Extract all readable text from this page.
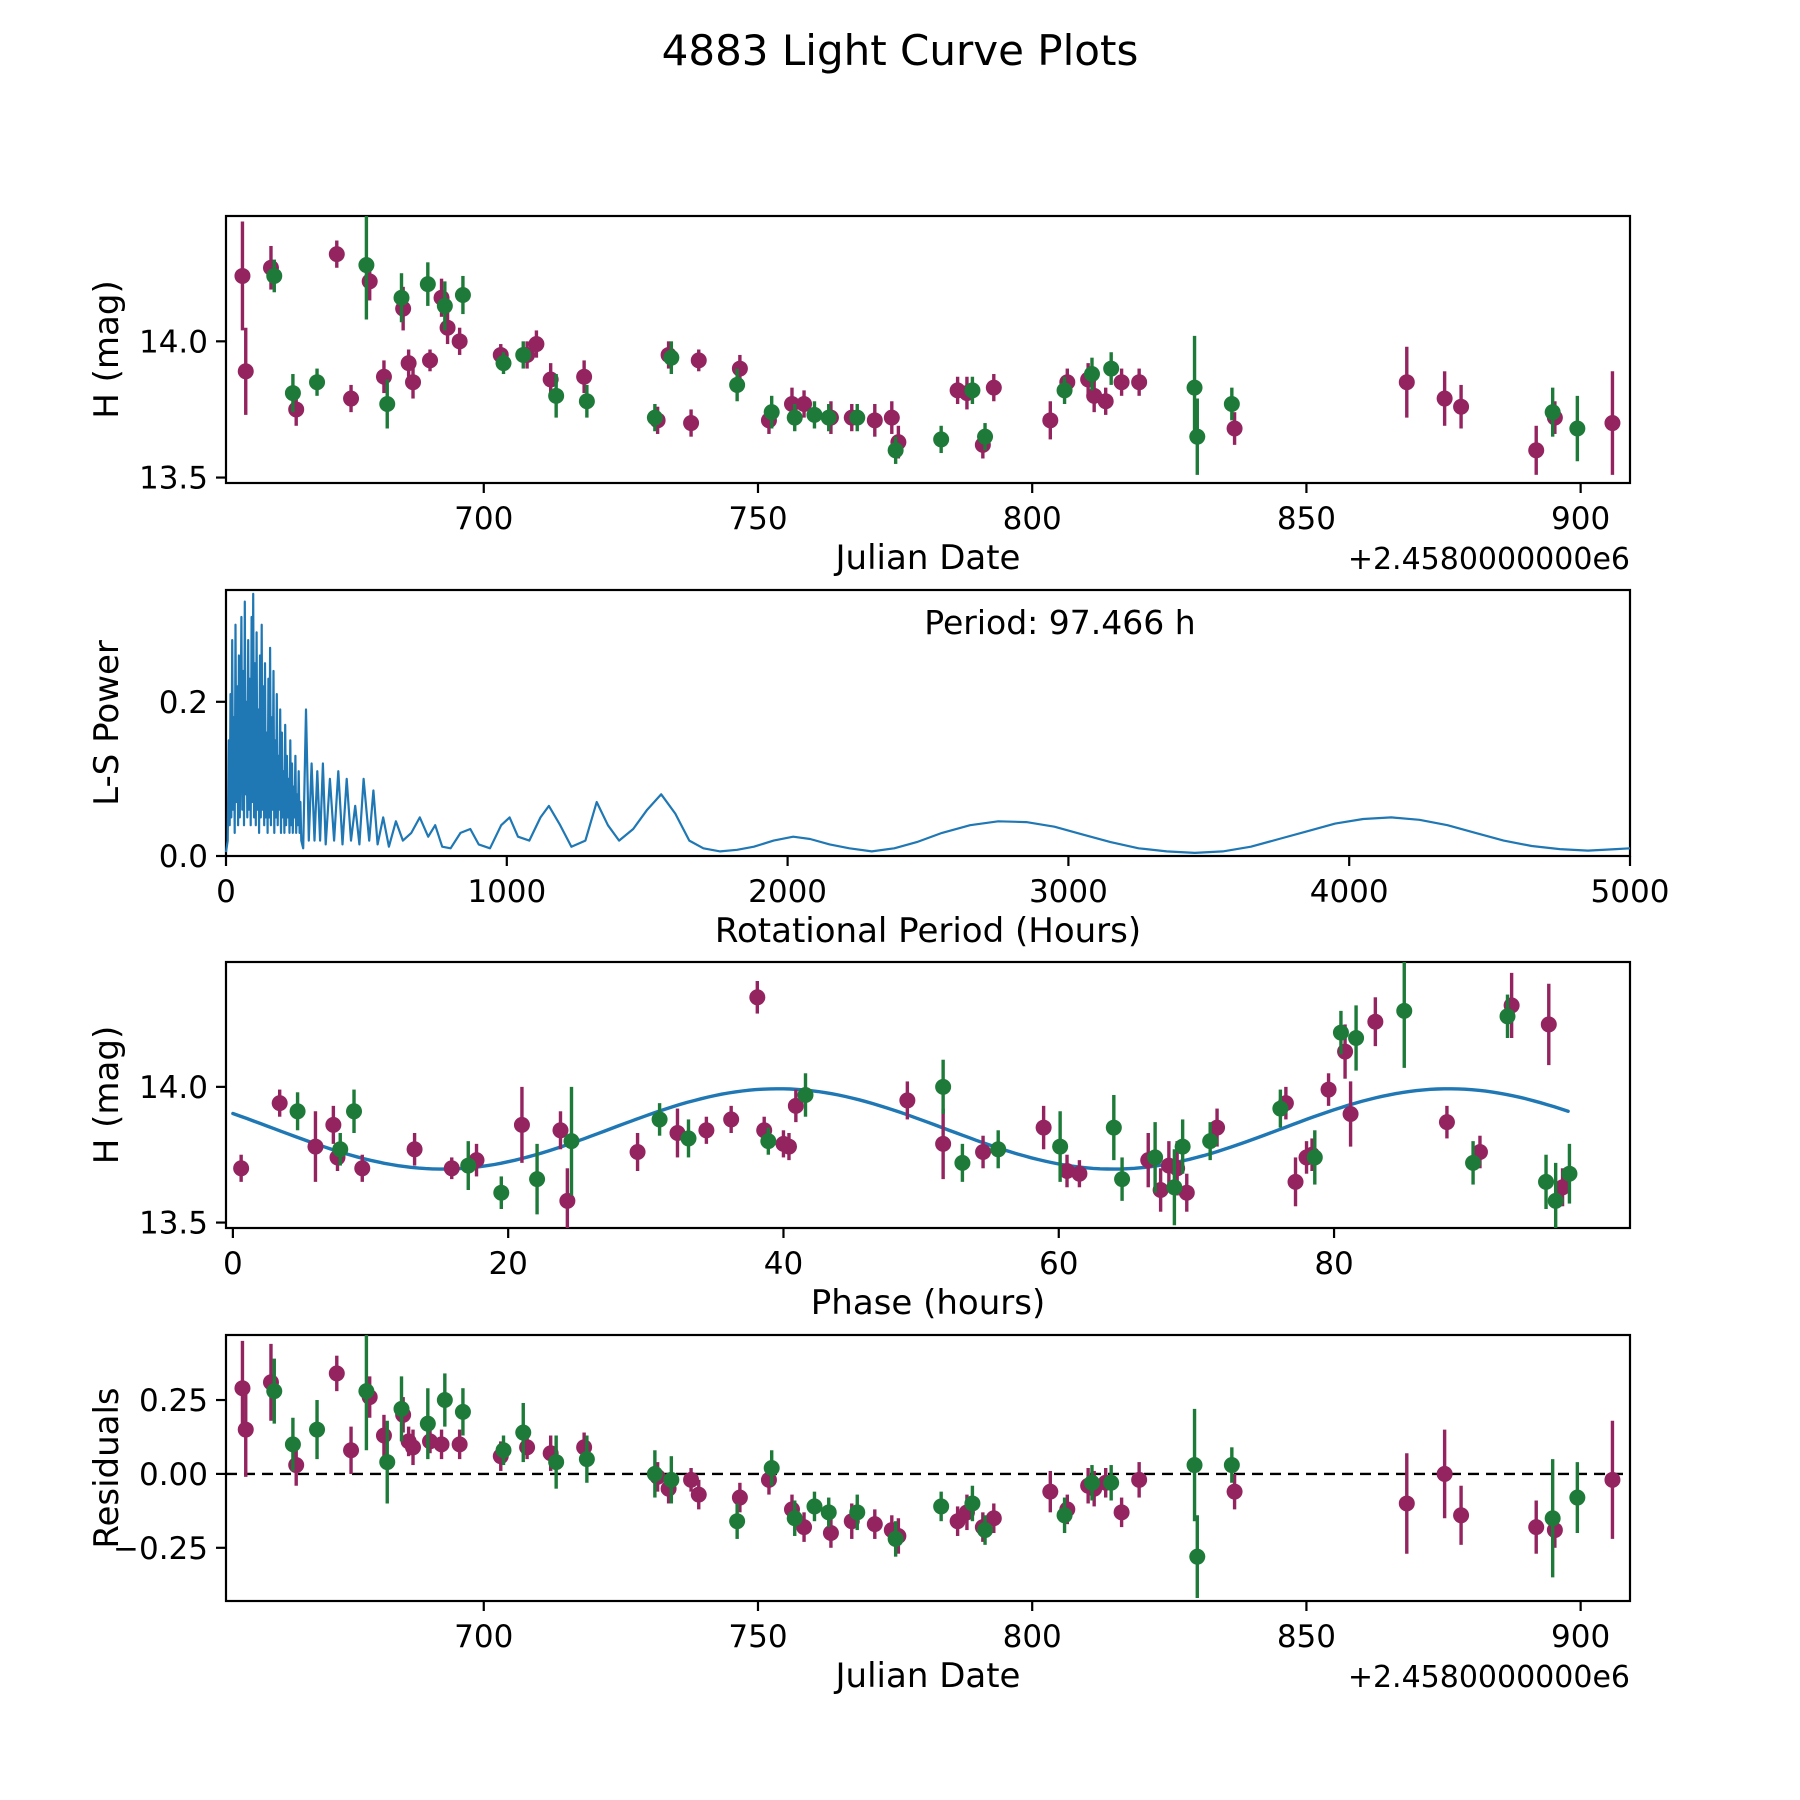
4883 Light Curve Plots
700	750	800	850	900
13.5
14.0
Julian Date
H (mag)
+2.4580000000e6
0	1000	2000	3000	4000	5000
0.0
0.2
Rotational Period (Hours)
L-S Power
Period: 97.466 h
0	20	40	60	80
13.5
14.0
Phase (hours)
H (mag)
700	750	800	850	900
−0.25
0.00
0.25
Julian Date
Residuals
+2.4580000000e6
